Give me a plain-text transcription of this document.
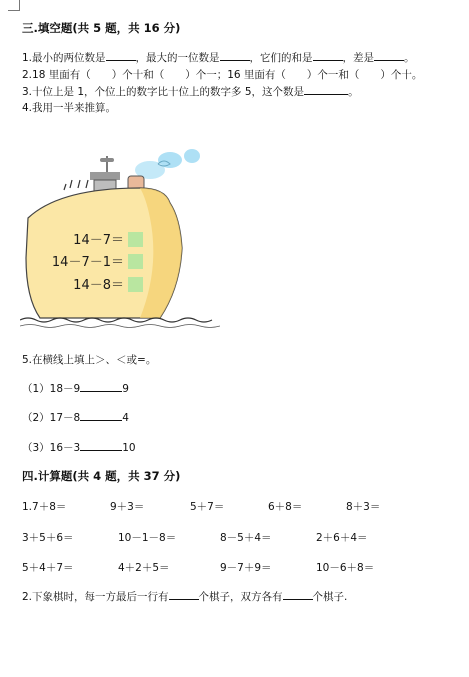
三.填空题(共 5 题，共 16 分)
1.最小的两位数是	，最大的一位数是	，它们的和是	，差是	。
2.18 里面有（　　）个十和（　　）个一；16 里面有（　　）个一和（　　）个十。
3.十位上是 1，个位上的数字比十位上的数字多 5，这个数是	。
4.我用一半来推算。
14－7＝
14－7－1＝
14－8＝
5.在横线上填上＞、＜或=。
（1）18－9	9
（2）17－8	4
（3）16－3	10
四.计算题(共 4 题，共 37 分)
1.7＋8＝	9＋3＝	5＋7＝	6＋8＝	8＋3＝
3＋5＋6＝	10－1－8＝	8－5＋4＝	2＋6＋4＝
5＋4＋7＝	4＋2＋5＝	9－7＋9＝	10－6＋8＝
2.下象棋时，每一方最后一行有	个棋子，双方各有	个棋子.
